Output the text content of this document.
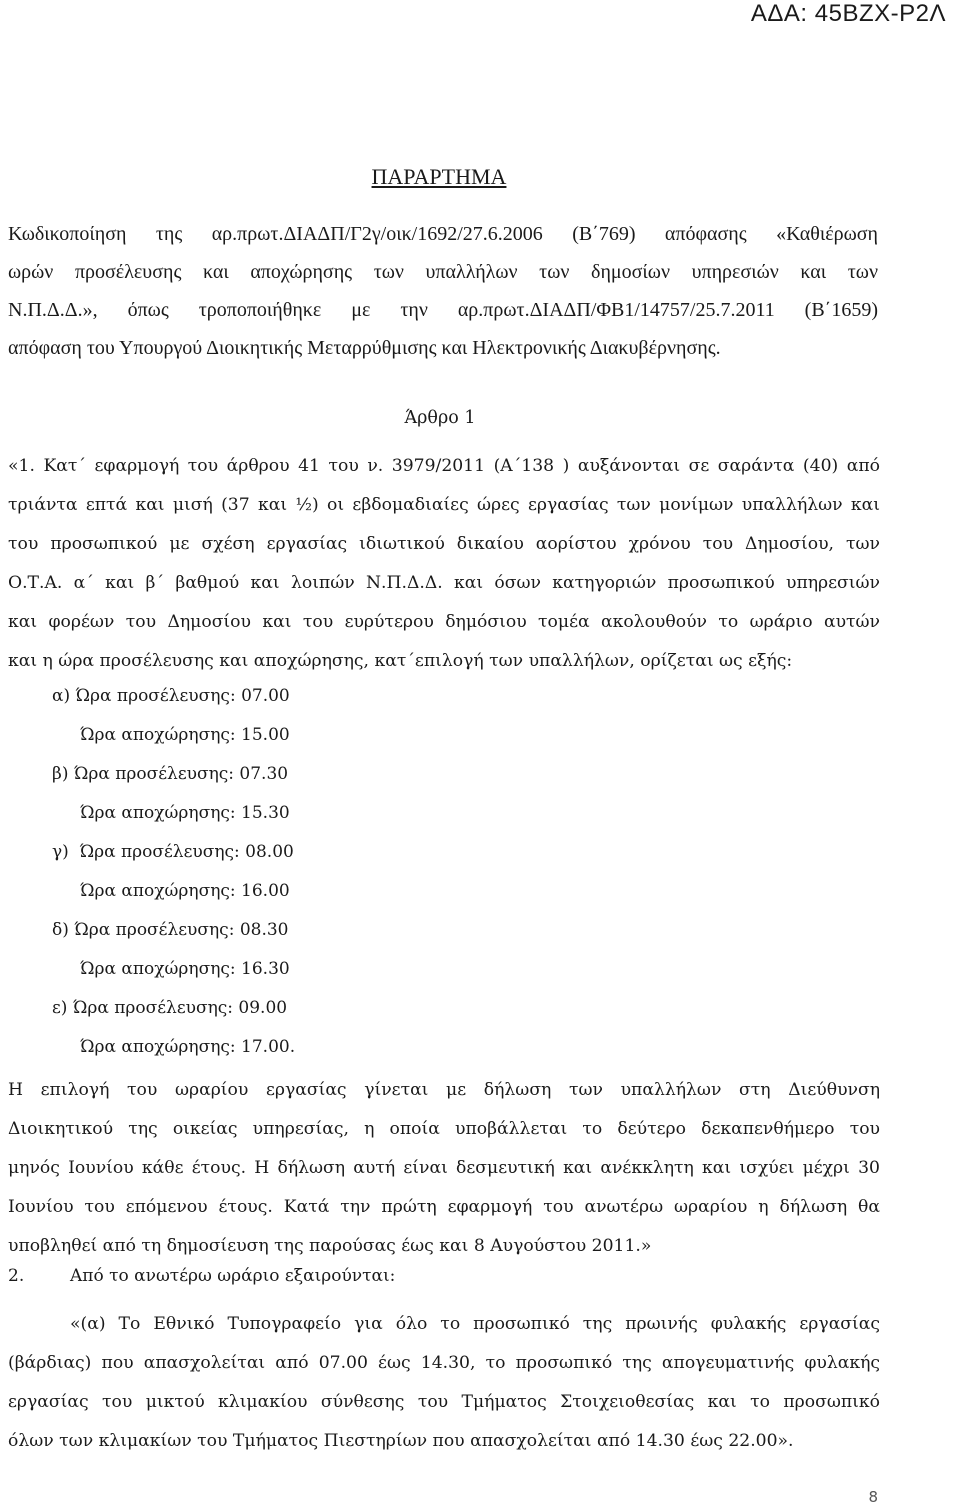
ΑΔΑ: 45ΒΖΧ-Ρ2Λ
ΠΑΡΑΡΤΗΜΑ
Κωδικοποίηση της αρ.πρωτ.ΔΙΑΔΠ/Γ2γ/οικ/1692/27.6.2006 (Β΄769) απόφασης «Καθιέρωση
ωρών προσέλευσης και αποχώρησης των υπαλλήλων των δημοσίων υπηρεσιών και των
Ν.Π.Δ.Δ.», όπως τροποποιήθηκε με την αρ.πρωτ.ΔΙΑΔΠ/ΦΒ1/14757/25.7.2011 (Β΄1659)
απόφαση του Υπουργού Διοικητικής Μεταρρύθμισης και Ηλεκτρονικής Διακυβέρνησης.
Άρθρο 1
«1. Κατ΄ εφαρμογή του άρθρου 41 του ν. 3979/2011 (Α΄138 ) αυξάνονται σε σαράντα (40) από
τριάντα επτά και μισή (37 και ½) οι εβδομαδιαίες ώρες εργασίας των μονίμων υπαλλήλων και
του προσωπικού με σχέση εργασίας ιδιωτικού δικαίου αορίστου χρόνου του Δημοσίου, των
Ο.Τ.Α. α΄ και β΄ βαθμού και λοιπών Ν.Π.Δ.Δ. και όσων κατηγοριών προσωπικού υπηρεσιών
και φορέων του Δημοσίου και του ευρύτερου δημόσιου τομέα ακολουθούν το ωράριο αυτών
και η ώρα προσέλευσης και αποχώρησης, κατ΄επιλογή των υπαλλήλων, ορίζεται ως εξής:
α) Ώρα προσέλευσης: 07.00
Ώρα αποχώρησης: 15.00
β) Ώρα προσέλευσης: 07.30
Ώρα αποχώρησης: 15.30
γ) Ώρα προσέλευσης: 08.00
Ώρα αποχώρησης: 16.00
δ) Ώρα προσέλευσης: 08.30
Ώρα αποχώρησης: 16.30
ε) Ώρα προσέλευσης: 09.00
Ώρα αποχώρησης: 17.00.
Η επιλογή του ωραρίου εργασίας γίνεται με δήλωση των υπαλλήλων στη Διεύθυνση
Διοικητικού της οικείας υπηρεσίας, η οποία υποβάλλεται το δεύτερο δεκαπενθήμερο του
μηνός Ιουνίου κάθε έτους. Η δήλωση αυτή είναι δεσμευτική και ανέκκλητη και ισχύει μέχρι 30
Ιουνίου του επόμενου έτους. Κατά την πρώτη εφαρμογή του ανωτέρω ωραρίου η δήλωση θα
υποβληθεί από τη δημοσίευση της παρούσας έως και 8 Αυγούστου 2011.»
2.	Από το ανωτέρω ωράριο εξαιρούνται:
«(α) Το Εθνικό Τυπογραφείο για όλο το προσωπικό της πρωινής φυλακής εργασίας
(βάρδιας) που απασχολείται από 07.00 έως 14.30, το προσωπικό της απογευματινής φυλακής
εργασίας του μικτού κλιμακίου σύνθεσης του Τμήματος Στοιχειοθεσίας και το προσωπικό
όλων των κλιμακίων του Τμήματος Πιεστηρίων που απασχολείται από 14.30 έως 22.00».
8
